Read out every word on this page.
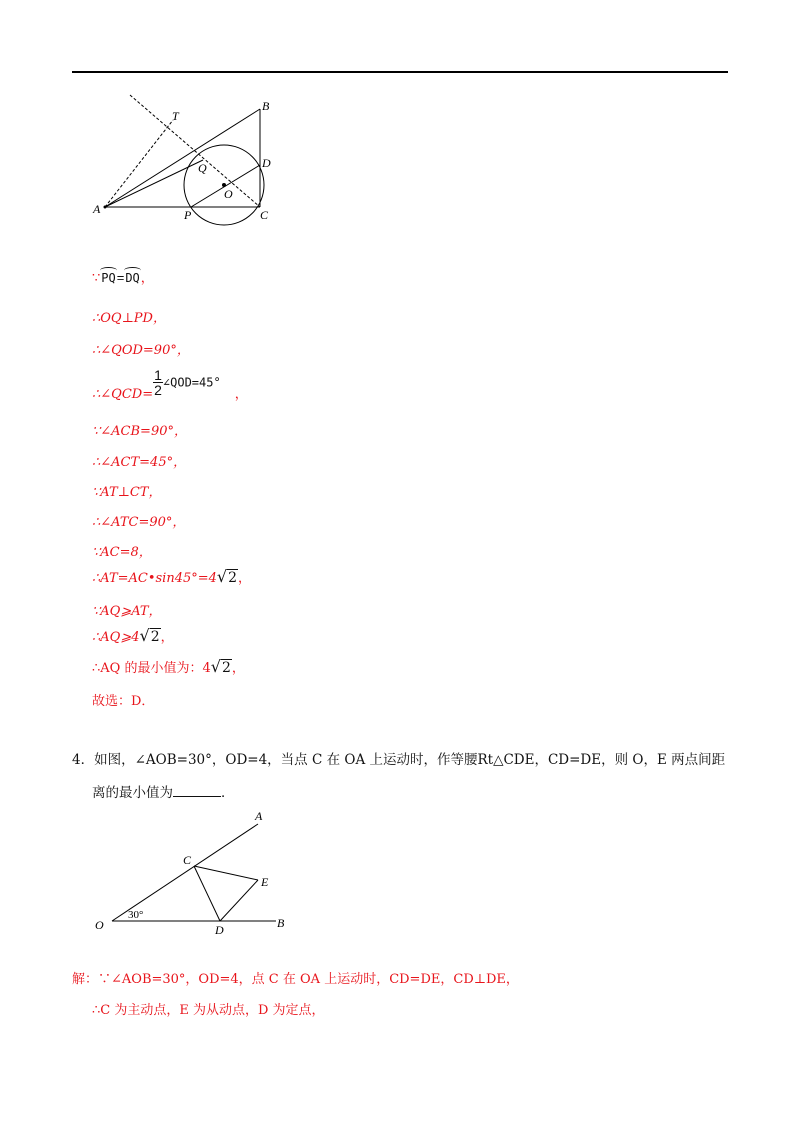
A
B
T
Q	D
O
P	C
∵PQ=DQ，
∴OQ⊥PD，
∴∠QOD=90°，
∴∠QCD= $\frac{1}{2}$ ∠QOD=45°，
∵∠ACB=90°，
∴∠ACT=45°，
∵AT⊥CT，
∴∠ATC=90°，
∵AC=8，
∴AT=AC•sin45°=4√2，
∵AQ⩾AT，
∴AQ⩾4√2，
∴AQ 的最小值为：4√2，
故选：D．
4．如图，∠AOB=30°，OD=4，当点 C 在 OA 上运动时，作等腰Rt△CDE，CD=DE，则 O，E 两点间距
离的最小值为	．
A
C
E
O
30°
D	B
解：∵∠AOB=30°，OD=4，点 C 在 OA 上运动时，CD=DE，CD⊥DE，
∴C 为主动点，E 为从动点，D 为定点，
